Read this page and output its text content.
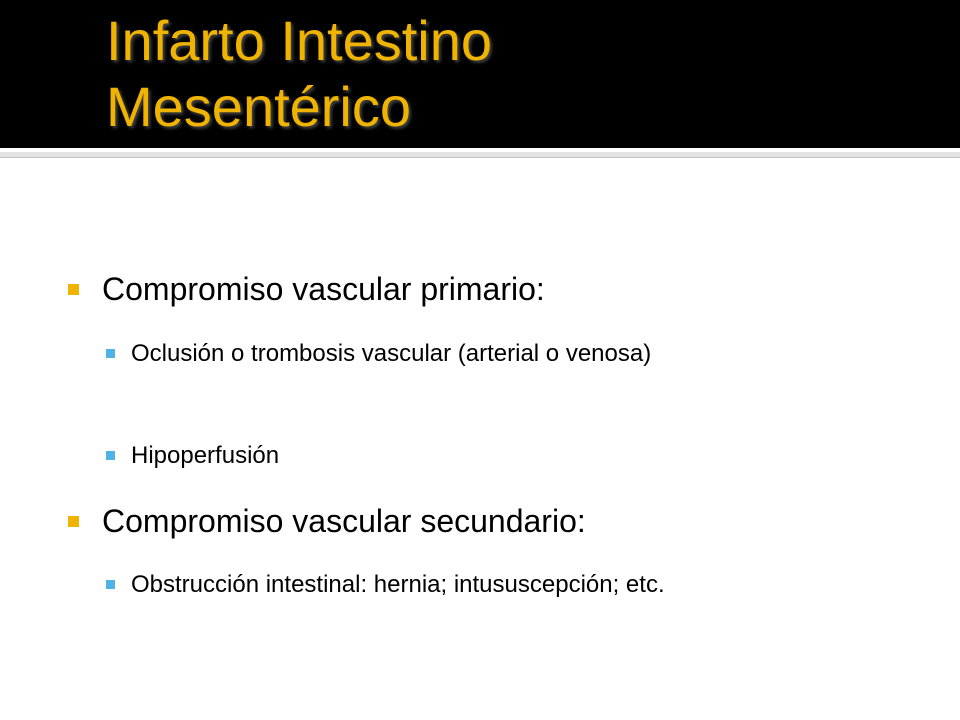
Infarto Intestino
Mesentérico
Compromiso vascular primario:
Oclusión o trombosis vascular (arterial o venosa)
Hipoperfusión
Compromiso vascular secundario:
Obstrucción intestinal: hernia; intususcepción; etc.
